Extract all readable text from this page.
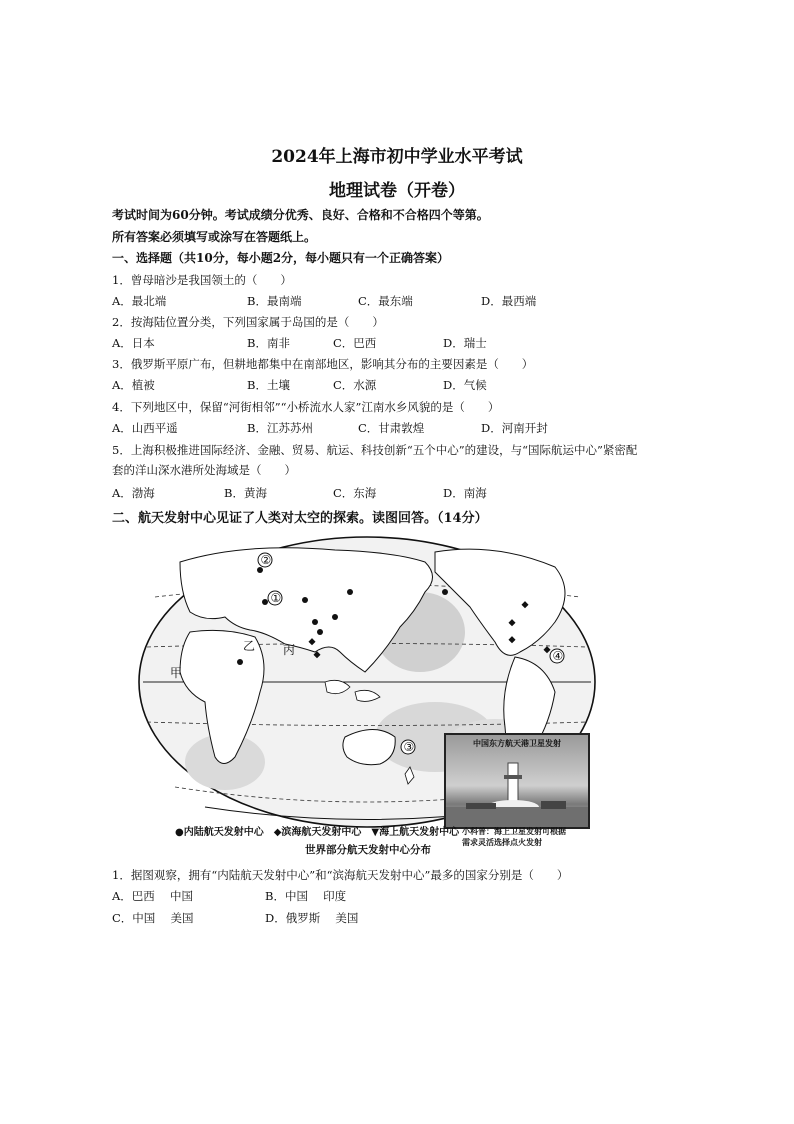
2024年上海市初中学业水平考试
地理试卷（开卷）
考试时间为60分钟。考试成绩分优秀、良好、合格和不合格四个等第。
所有答案必须填写或涂写在答题纸上。
一、选择题（共10分，每小题2分，每小题只有一个正确答案）
1．曾母暗沙是我国领土的（　　）
A．最北端	B．最南端	C．最东端	D．最西端
2．按海陆位置分类，下列国家属于岛国的是（　　）
A．日本	B．南非	C．巴西	D．瑞士
3．俄罗斯平原广布，但耕地都集中在南部地区，影响其分布的主要因素是（　　）
A．植被	B．土壤	C．水源	D．气候
4．下列地区中，保留“河街相邻”“小桥流水人家”江南水乡风貌的是（　　）
A．山西平遥	B．江苏苏州	C．甘肃敦煌	D．河南开封
5．上海积极推进国际经济、金融、贸易、航运、科技创新“五个中心”的建设，与“国际航运中心”紧密配
套的洋山深水港所处海域是（　　）
A．渤海	B．黄海	C．东海	D．南海
二、航天发射中心见证了人类对太空的探索。读图回答。（14分）
②
①
③
④
甲
乙 丙
中国东方航天港卫星发射
小科普：海上卫星发射可根据
需求灵活选择点火发射
●内陆航天发射中心　◆滨海航天发射中心　▼海上航天发射中心
世界部分航天发射中心分布
1．据图观察，拥有“内陆航天发射中心”和“滨海航天发射中心”最多的国家分别是（　　）
A．巴西　 中国	B．中国　 印度
C．中国　 美国	D．俄罗斯　 美国
